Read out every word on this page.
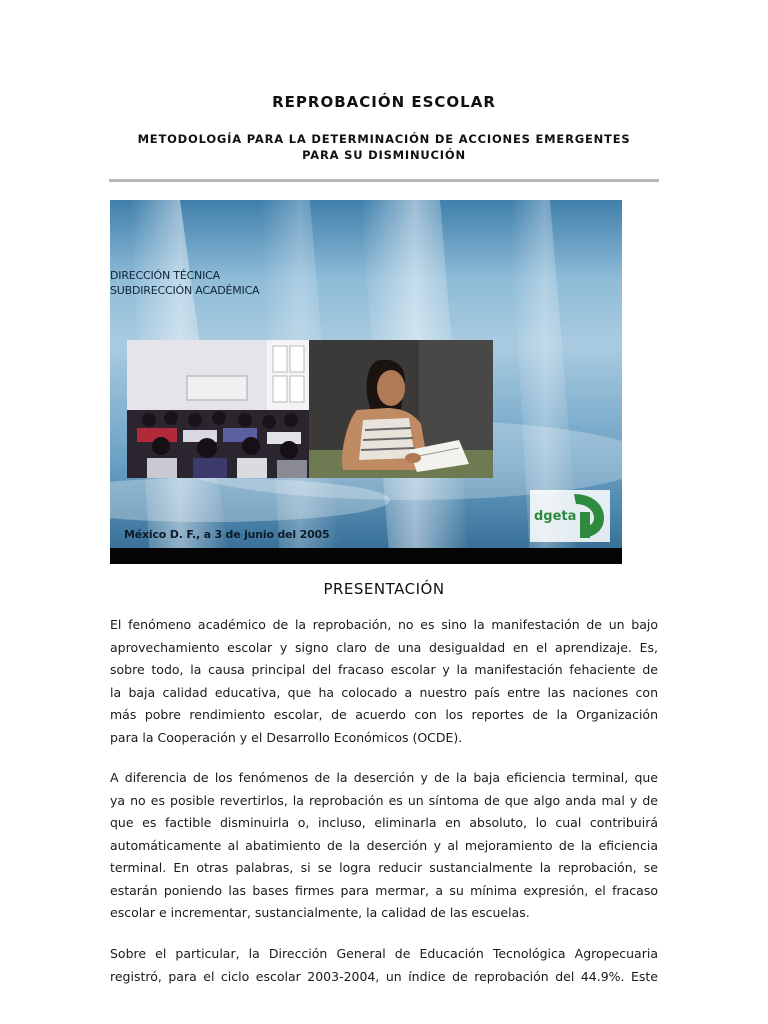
REPROBACIÓN ESCOLAR
METODOLOGÍA PARA LA DETERMINACIÓN DE ACCIONES EMERGENTES
PARA SU DISMINUCIÓN
DIRECCIÓN TÉCNICA
SUBDIRECCIÓN ACADÉMICA
dgeta
México D. F., a 3 de junio del 2005
PRESENTACIÓN

El fenómeno académico de la reprobación, no es sino la manifestación de un bajo
aprovechamiento escolar y signo claro de una desigualdad en el aprendizaje. Es,
sobre todo, la causa principal del fracaso escolar y la manifestación fehaciente de
la baja calidad educativa, que ha colocado a nuestro país entre las naciones con
más pobre rendimiento escolar, de acuerdo con los reportes de la Organización
para la Cooperación y el Desarrollo Económicos (OCDE).

A diferencia de los fenómenos de la deserción y de la baja eficiencia terminal, que
ya no es posible revertirlos, la reprobación es un síntoma de que algo anda mal y de
que es factible disminuirla o, incluso, eliminarla en absoluto, lo cual contribuirá
automáticamente al abatimiento de la deserción y al mejoramiento de la eficiencia
terminal. En otras palabras, si se logra reducir sustancialmente la reprobación, se
estarán poniendo las bases firmes para mermar, a su mínima expresión, el fracaso
escolar e incrementar, sustancialmente, la calidad de las escuelas.

Sobre el particular, la Dirección General de Educación Tecnológica Agropecuaria
registró, para el ciclo escolar 2003-2004, un índice de reprobación del 44.9%. Este
